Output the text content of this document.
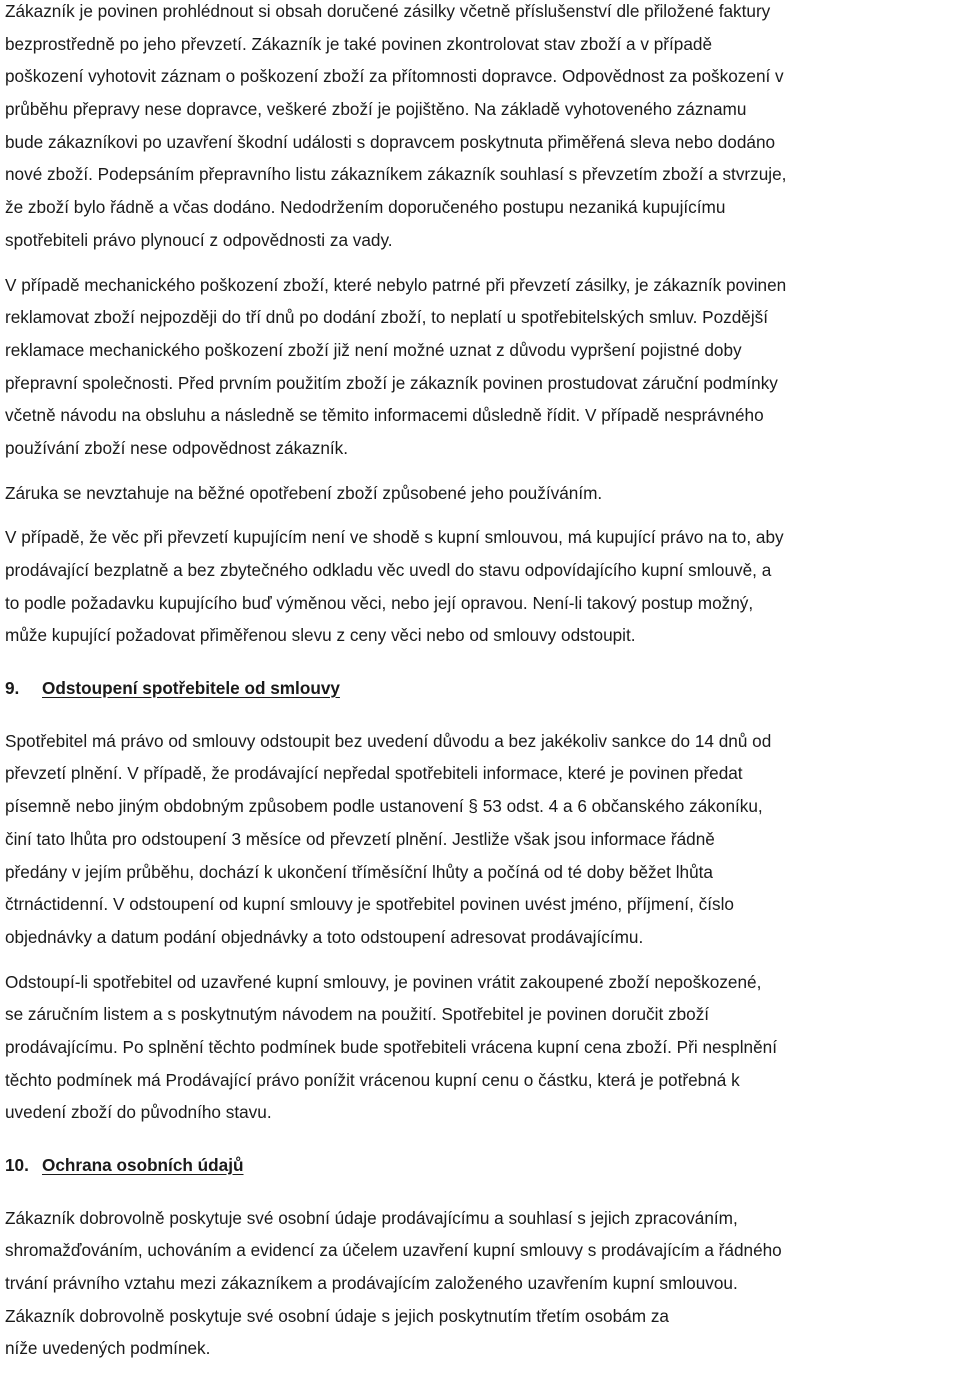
Zákazník je povinen prohlédnout si obsah doručené zásilky včetně příslušenství dle přiložené faktury
bezprostředně po jeho převzetí. Zákazník je také povinen zkontrolovat stav zboží a v případě
poškození vyhotovit záznam o poškození zboží za přítomnosti dopravce. Odpovědnost za poškození v
průběhu přepravy nese dopravce, veškeré zboží je pojištěno. Na základě vyhotoveného záznamu
bude zákazníkovi po uzavření škodní události s dopravcem poskytnuta přiměřená sleva nebo dodáno
nové zboží. Podepsáním přepravního listu zákazníkem zákazník souhlasí s převzetím zboží a stvrzuje,
že zboží bylo řádně a včas dodáno. Nedodržením doporučeného postupu nezaniká kupujícímu
spotřebiteli právo plynoucí z odpovědnosti za vady.
V případě mechanického poškození zboží, které nebylo patrné při převzetí zásilky, je zákazník povinen
reklamovat zboží nejpozději do tří dnů po dodání zboží, to neplatí u spotřebitelských smluv. Pozdější
reklamace mechanického poškození zboží již není možné uznat z důvodu vypršení pojistné doby
přepravní společnosti. Před prvním použitím zboží je zákazník povinen prostudovat záruční podmínky
včetně návodu na obsluhu a následně se těmito informacemi důsledně řídit. V případě nesprávného
používání zboží nese odpovědnost zákazník.
Záruka se nevztahuje na běžné opotřebení zboží způsobené jeho používáním.
V případě, že věc při převzetí kupujícím není ve shodě s kupní smlouvou, má kupující právo na to, aby
prodávající bezplatně a bez zbytečného odkladu věc uvedl do stavu odpovídajícího kupní smlouvě, a
to podle požadavku kupujícího buď výměnou věci, nebo její opravou. Není-li takový postup možný,
může kupující požadovat přiměřenou slevu z ceny věci nebo od smlouvy odstoupit.
9.	Odstoupení spotřebitele od smlouvy
Spotřebitel má právo od smlouvy odstoupit bez uvedení důvodu a bez jakékoliv sankce do 14 dnů od
převzetí plnění. V případě, že prodávající nepředal spotřebiteli informace, které je povinen předat
písemně nebo jiným obdobným způsobem podle ustanovení § 53 odst. 4 a 6 občanského zákoníku,
činí tato lhůta pro odstoupení 3 měsíce od převzetí plnění. Jestliže však jsou informace řádně
předány v jejím průběhu, dochází k ukončení tříměsíční lhůty a počíná od té doby běžet lhůta
čtrnáctidenní. V odstoupení od kupní smlouvy je spotřebitel povinen uvést jméno, příjmení, číslo
objednávky a datum podání objednávky a toto odstoupení adresovat prodávajícímu.
Odstoupí-li spotřebitel od uzavřené kupní smlouvy, je povinen vrátit zakoupené zboží nepoškozené,
se záručním listem a s poskytnutým návodem na použití. Spotřebitel je povinen doručit zboží
prodávajícímu. Po splnění těchto podmínek bude spotřebiteli vrácena kupní cena zboží. Při nesplnění
těchto podmínek má Prodávající právo ponížit vrácenou kupní cenu o částku, která je potřebná k
uvedení zboží do původního stavu.
10. Ochrana osobních údajů
Zákazník dobrovolně poskytuje své osobní údaje prodávajícímu a souhlasí s jejich zpracováním,
shromažďováním, uchováním a evidencí za účelem uzavření kupní smlouvy s prodávajícím a řádného
trvání právního vztahu mezi zákazníkem a prodávajícím založeného uzavřením kupní smlouvou.
Zákazník dobrovolně poskytuje své osobní údaje s jejich poskytnutím třetím osobám za
níže uvedených podmínek.
